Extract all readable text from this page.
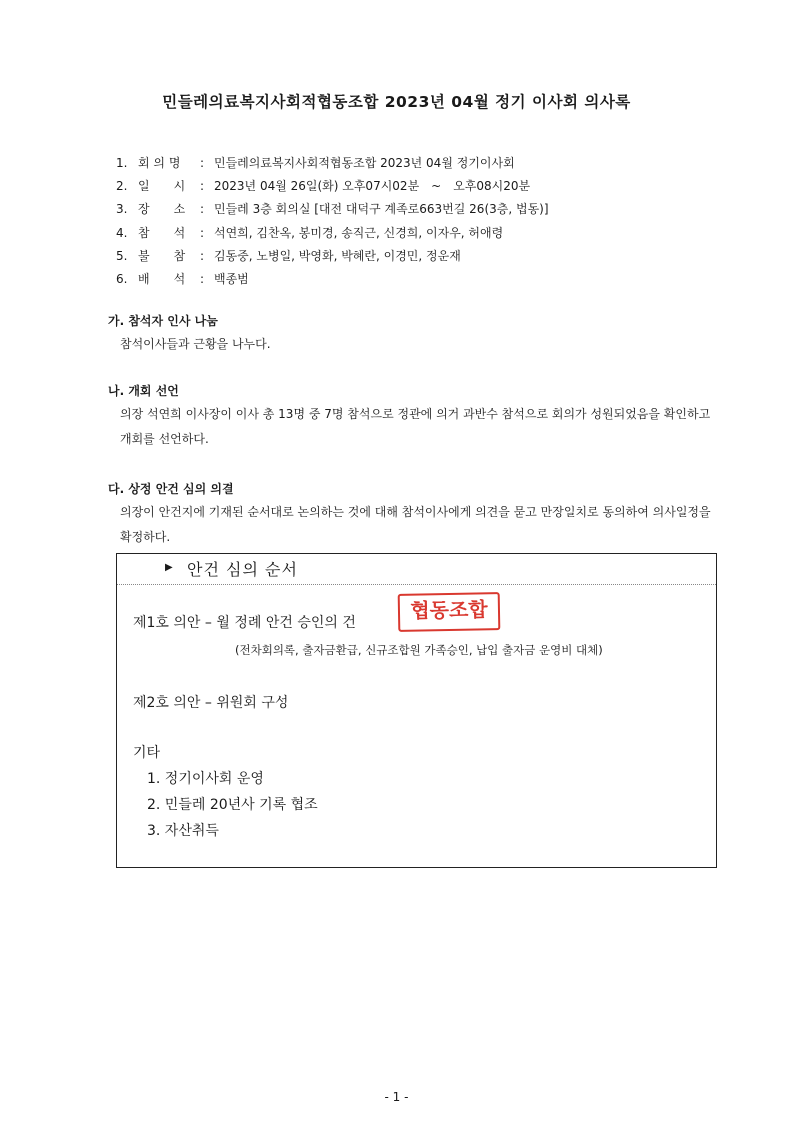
민들레의료복지사회적협동조합 2023년 04월 정기 이사회 의사록
1. 회 의 명 : 민들레의료복지사회적협동조합 2023년 04월 정기이사회
2. 일　　시 : 2023년 04월 26일(화) 오후07시02분　~　오후08시20분
3. 장　　소 : 민들레 3층 회의실 [대전 대덕구 계족로663번길 26(3층, 법동)]
4. 참　　석 : 석연희, 김찬옥, 봉미경, 송직근, 신경희, 이자우, 허애령
5. 불　　참 : 김동중, 노병일, 박영화, 박혜란, 이경민, 정운재
6. 배　　석 : 백종범
가. 참석자 인사 나눔
참석이사들과 근황을 나누다.
나. 개회 선언
의장 석연희 이사장이 이사 총 13명 중 7명 참석으로 정관에 의거 과반수 참석으로 회의가 성원되었음을 확인하고 개회를 선언하다.
다. 상정 안건 심의 의결
의장이 안건지에 기재된 순서대로 논의하는 것에 대해 참석이사에게 의견을 묻고 만장일치로 동의하여 의사일정을 확정하다.
▶ 안건 심의 순서
제1호 의안 – 월 정례 안건 승인의 건
(전차회의록, 출자금환급, 신규조합원 가족승인, 납입 출자금 운영비 대체)
제2호 의안 – 위원회 구성
기타
1. 정기이사회 운영
2. 민들레 20년사 기록 협조
3. 자산취득
협동조합
- 1 -
